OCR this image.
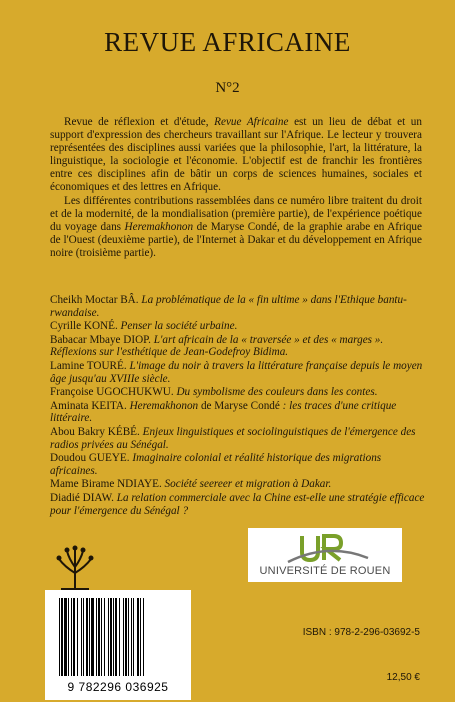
REVUE AFRICAINE
N°2

Revue de réflexion et d'étude, Revue Africaine est un lieu de débat et un support d'expression des chercheurs travaillant sur l'Afrique. Le lecteur y trouvera représentées des disciplines aussi variées que la philosophie, l'art, la littérature, la linguistique, la sociologie et l'économie. L'objectif est de franchir les frontières entre ces disciplines afin de bâtir un corps de sciences humaines, sociales et économiques et des lettres en Afrique.

Les différentes contributions rassemblées dans ce numéro libre traitent du droit et de la modernité, de la mondialisation (première partie), de l'expérience poétique du voyage dans Heremakhonon de Maryse Condé, de la graphie arabe en Afrique de l'Ouest (deuxième partie), de l'Internet à Dakar et du développement en Afrique noire (troisième partie).

Cheikh Moctar BÂ. La problématique de la « fin ultime » dans l'Ethique bantu-rwandaise.
Cyrille KONÉ. Penser la société urbaine.
Babacar Mbaye DIOP. L'art africain de la « traversée » et des « marges ». Réflexions sur l'esthétique de Jean-Godefroy Bidima.
Lamine TOURÉ. L'image du noir à travers la littérature française depuis le moyen âge jusqu'au XVIIIe siècle.
Françoise UGOCHUKWU. Du symbolisme des couleurs dans les contes.
Aminata KEITA. Heremakhonon de Maryse Condé : les traces d'une critique littéraire.
Abou Bakry KÉBÉ. Enjeux linguistiques et sociolinguistiques de l'émergence des radios privées au Sénégal.
Doudou GUEYE. Imaginaire colonial et réalité historique des migrations africaines.
Mame Birame NDIAYE. Société seereer et migration à Dakar.
Diadié DIAW. La relation commerciale avec la Chine est-elle une stratégie efficace pour l'émergence du Sénégal ?
UNIVERSITÉ DE ROUEN
9 782296 036925
ISBN : 978-2-296-03692-5
12,50 €
